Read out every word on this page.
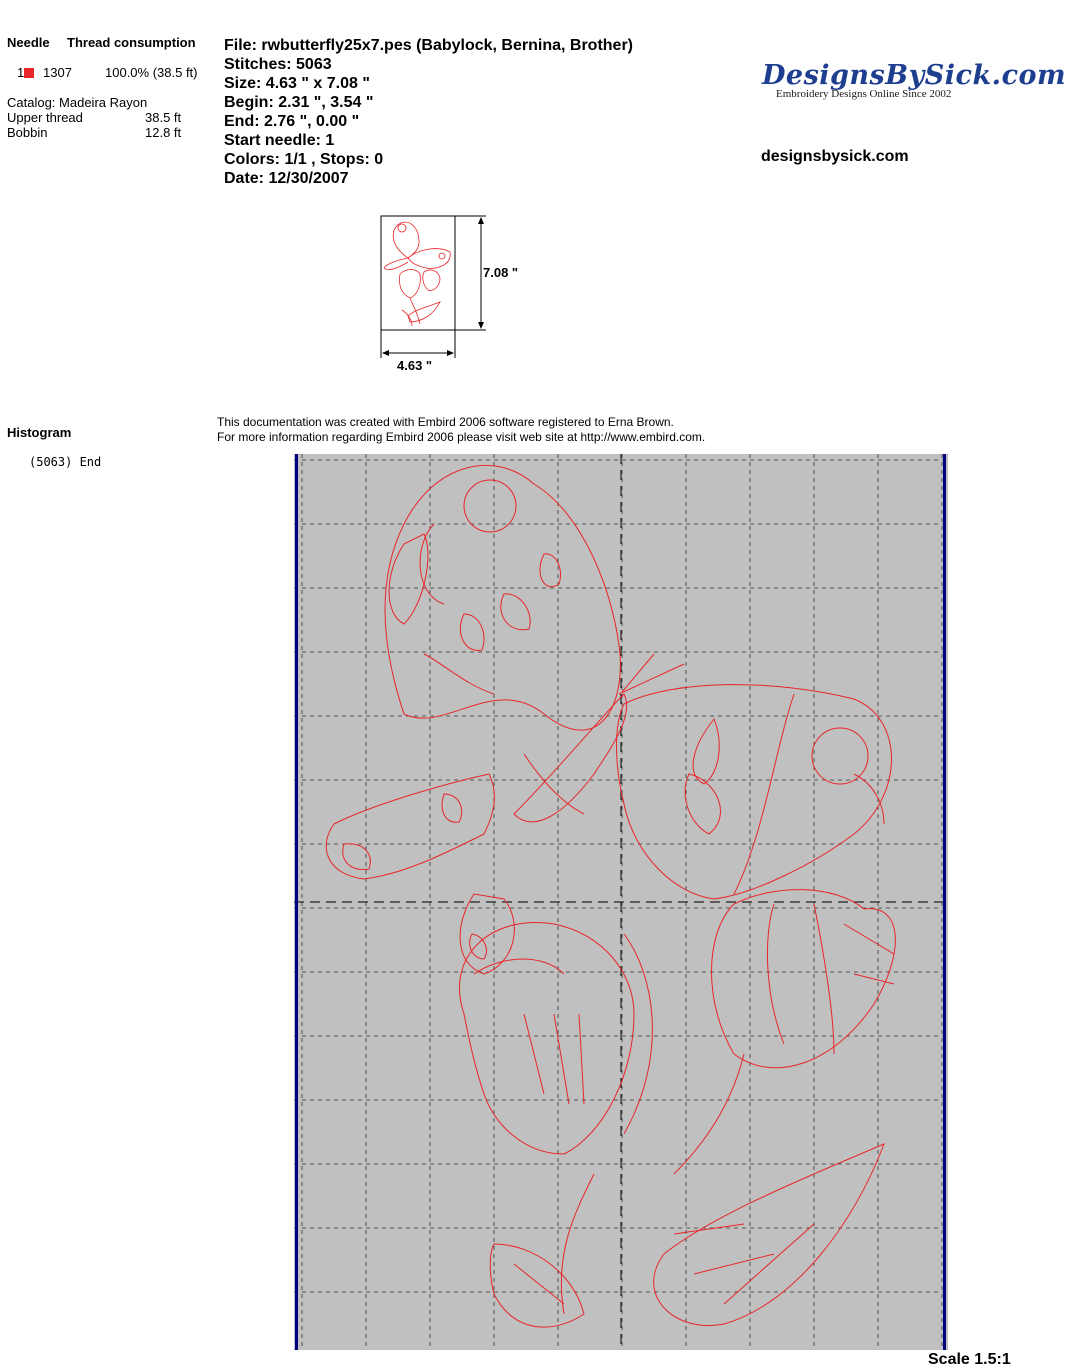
Needle Thread consumption
1	1307	100.0% (38.5 ft)
Catalog: Madeira Rayon
Upper thread	38.5 ft
Bobbin	12.8 ft
File: rwbutterfly25x7.pes (Babylock, Bernina, Brother)
Stitches: 5063
Size: 4.63 " x 7.08 "
Begin: 2.31 ", 3.54 "
End: 2.76 ", 0.00 "
Start needle: 1
Colors: 1/1 , Stops: 0
Date: 12/30/2007
DesignsBySick.com
Embroidery Designs Online Since 2002
designsbysick.com
7.08 "
4.63 "
Histogram
(5063) End
This documentation was created with Embird 2006 software registered to Erna Brown.
For more information regarding Embird 2006 please visit web site at http://www.embird.com.
Scale 1.5:1
